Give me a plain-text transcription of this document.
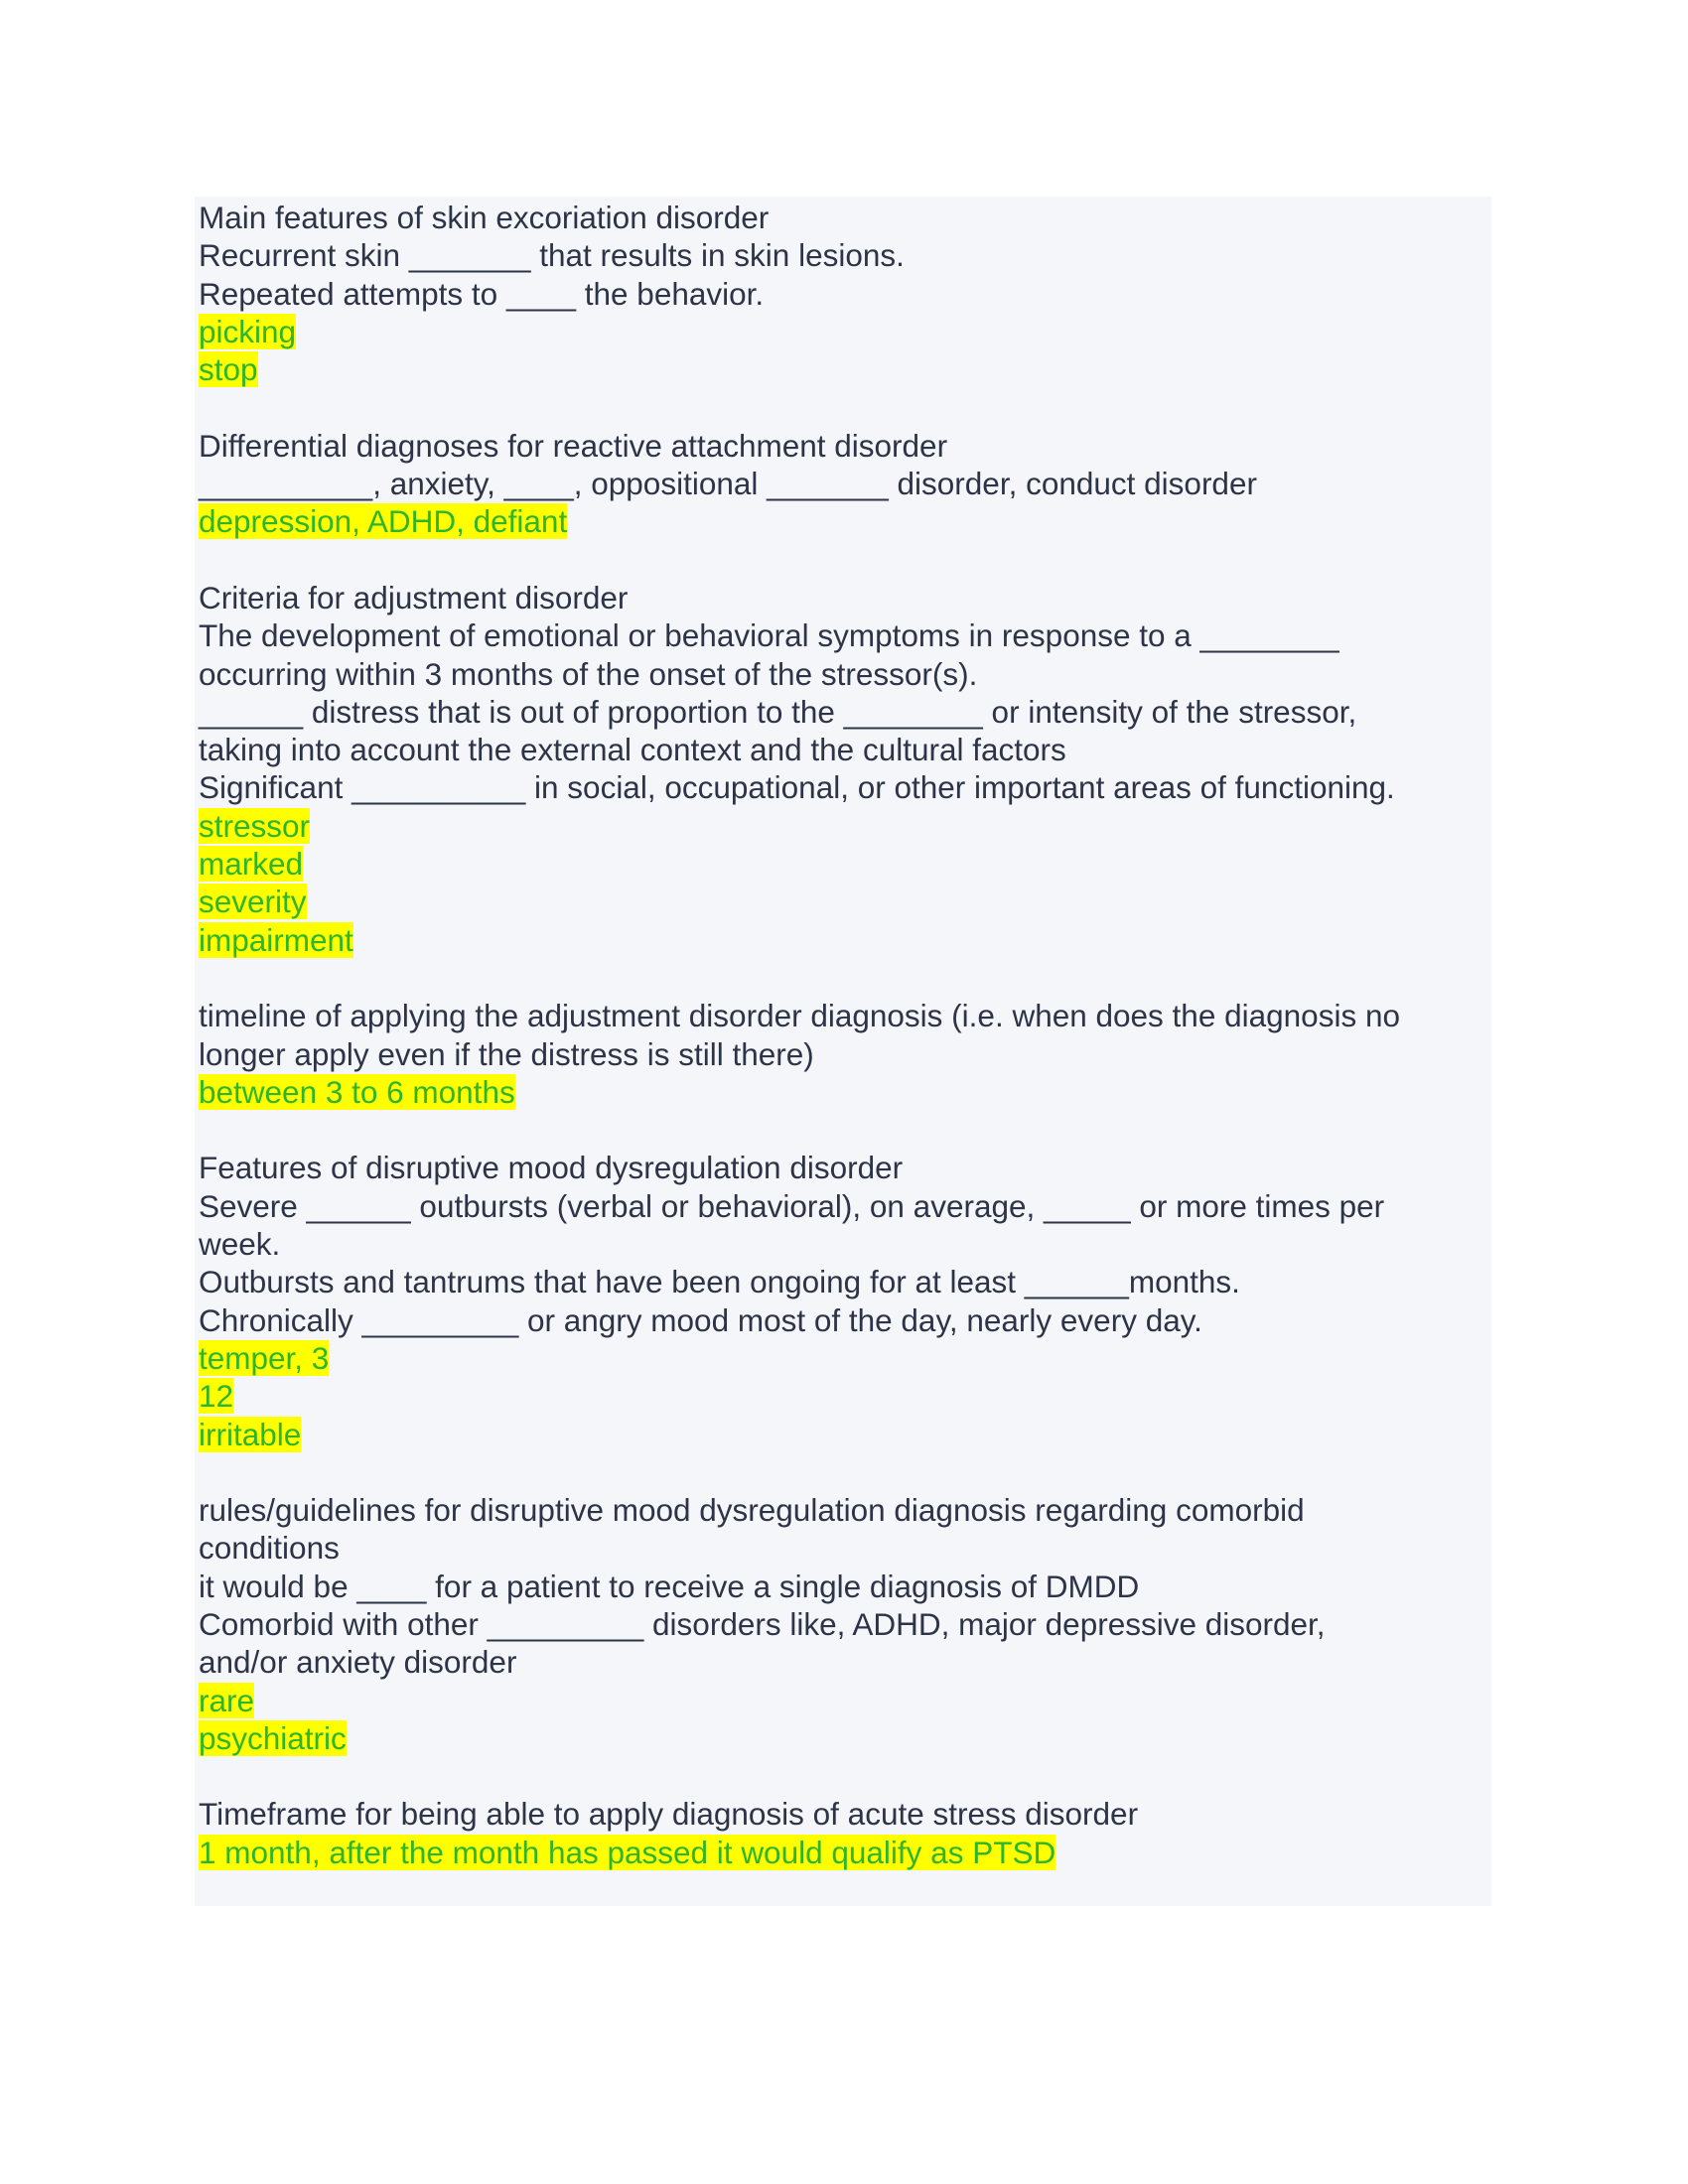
Main features of skin excoriation disorder
Recurrent skin _______ that results in skin lesions.
Repeated attempts to ____ the behavior.
picking
stop
Differential diagnoses for reactive attachment disorder
__________, anxiety, ____, oppositional _______ disorder, conduct disorder
depression, ADHD, defiant
Criteria for adjustment disorder
The development of emotional or behavioral symptoms in response to a ________
occurring within 3 months of the onset of the stressor(s).
______ distress that is out of proportion to the ________ or intensity of the stressor,
taking into account the external context and the cultural factors
Significant __________ in social, occupational, or other important areas of functioning.
stressor
marked
severity
impairment
timeline of applying the adjustment disorder diagnosis (i.e. when does the diagnosis no
longer apply even if the distress is still there)
between 3 to 6 months
Features of disruptive mood dysregulation disorder
Severe ______ outbursts (verbal or behavioral), on average, _____ or more times per
week.
Outbursts and tantrums that have been ongoing for at least ______months.
Chronically _________ or angry mood most of the day, nearly every day.
temper, 3
12
irritable
rules/guidelines for disruptive mood dysregulation diagnosis regarding comorbid
conditions
it would be ____ for a patient to receive a single diagnosis of DMDD
Comorbid with other _________ disorders like, ADHD, major depressive disorder,
and/or anxiety disorder
rare
psychiatric
Timeframe for being able to apply diagnosis of acute stress disorder
1 month, after the month has passed it would qualify as PTSD
